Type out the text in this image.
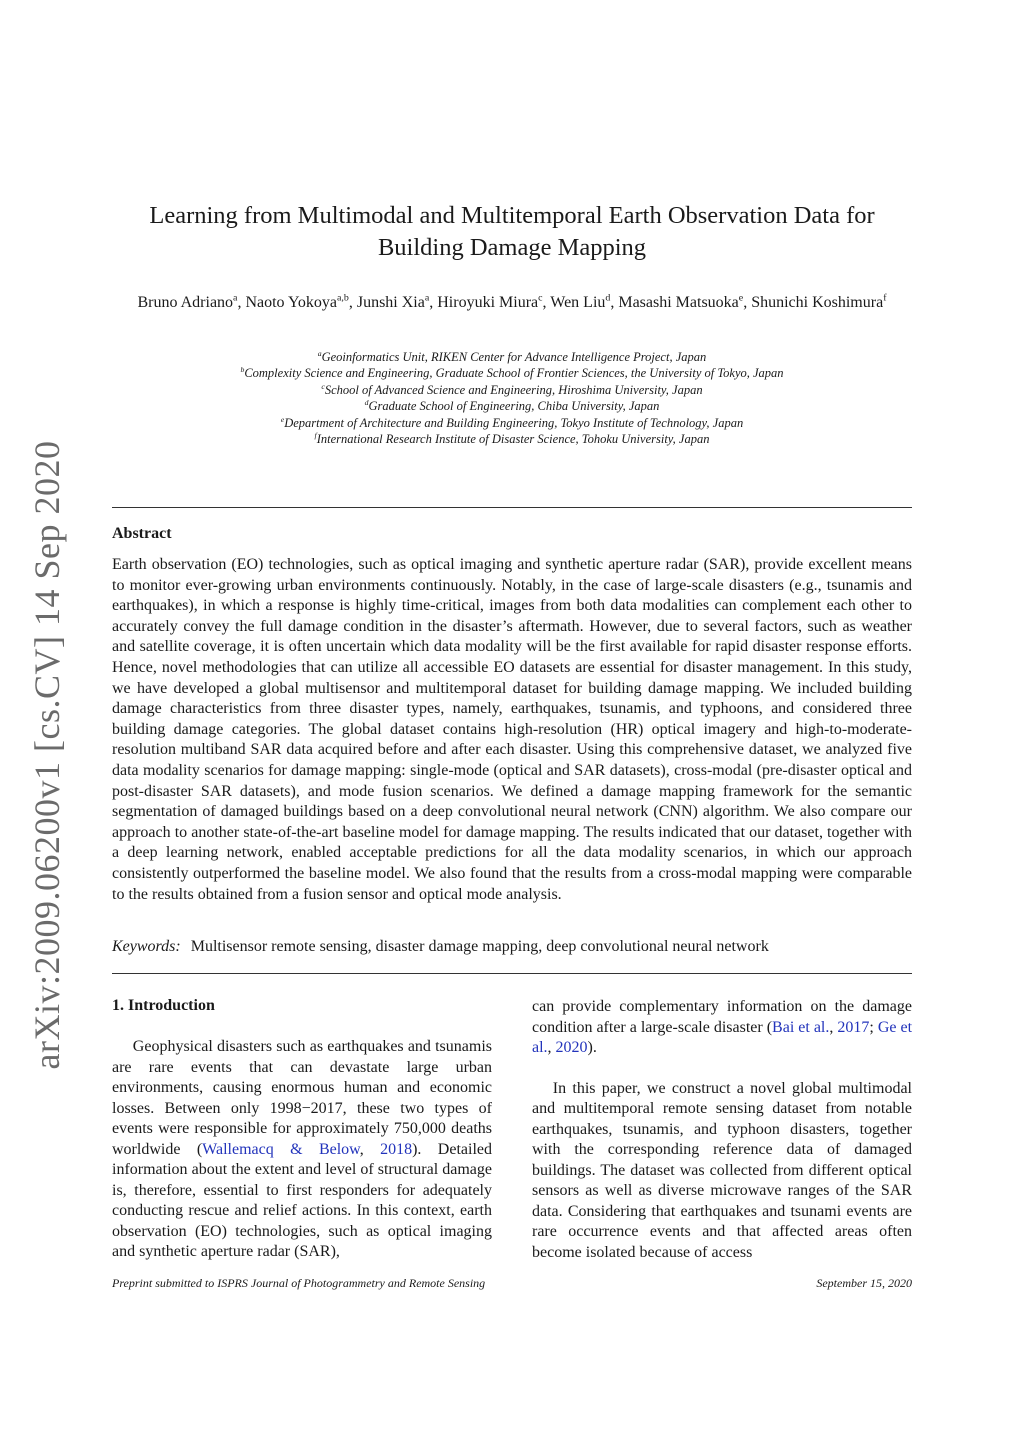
arXiv:2009.06200v1 [cs.CV] 14 Sep 2020
Learning from Multimodal and Multitemporal Earth Observation Data for Building Damage Mapping
Bruno Adriano$^a$, Naoto Yokoya$^{a,b}$, Junshi Xia$^a$, Hiroyuki Miura$^c$, Wen Liu$^d$, Masashi Matsuoka$^e$, Shunichi Koshimura$^f$
$^a$Geoinformatics Unit, RIKEN Center for Advance Intelligence Project, Japan
$^b$Complexity Science and Engineering, Graduate School of Frontier Sciences, the University of Tokyo, Japan
$^c$School of Advanced Science and Engineering, Hiroshima University, Japan
$^d$Graduate School of Engineering, Chiba University, Japan
$^e$Department of Architecture and Building Engineering, Tokyo Institute of Technology, Japan
$^f$International Research Institute of Disaster Science, Tohoku University, Japan
Abstract
Earth observation (EO) technologies, such as optical imaging and synthetic aperture radar (SAR), provide excellent means to monitor ever-growing urban environments continuously. Notably, in the case of large-scale disasters (e.g., tsunamis and earthquakes), in which a response is highly time-critical, images from both data modalities can complement each other to accurately convey the full damage condition in the disaster’s aftermath. However, due to several factors, such as weather and satellite coverage, it is often uncertain which data modality will be the first available for rapid disaster response efforts. Hence, novel methodologies that can utilize all accessible EO datasets are essential for disaster management. In this study, we have developed a global multisensor and multitemporal dataset for building damage mapping. We included building damage characteristics from three disaster types, namely, earthquakes, tsunamis, and typhoons, and considered three building damage categories. The global dataset contains high-resolution (HR) optical imagery and high-to-moderate-resolution multiband SAR data acquired before and after each disaster. Using this comprehensive dataset, we analyzed five data modality scenarios for damage mapping: single-mode (optical and SAR datasets), cross-modal (pre-disaster optical and post-disaster SAR datasets), and mode fusion scenarios. We defined a damage mapping framework for the semantic segmentation of damaged buildings based on a deep convolutional neural network (CNN) algorithm. We also compare our approach to another state-of-the-art baseline model for damage mapping. The results indicated that our dataset, together with a deep learning network, enabled acceptable predictions for all the data modality scenarios, in which our approach consistently outperformed the baseline model. We also found that the results from a cross-modal mapping were comparable to the results obtained from a fusion sensor and optical mode analysis.
Keywords: Multisensor remote sensing, disaster damage mapping, deep convolutional neural network
1. Introduction

Geophysical disasters such as earthquakes and tsunamis are rare events that can devastate large urban environments, causing enormous human and economic losses. Between only 1998−2017, these two types of events were responsible for approximately 750,000 deaths worldwide (Wallemacq & Below, 2018). Detailed information about the extent and level of structural damage is, therefore, essential to first responders for adequately conducting rescue and relief actions. In this context, earth observation (EO) technologies, such as optical imaging and synthetic aperture radar (SAR),

can provide complementary information on the damage condition after a large-scale disaster (Bai et al., 2017; Ge et al., 2020).

In this paper, we construct a novel global multimodal and multitemporal remote sensing dataset from notable earthquakes, tsunamis, and typhoon disasters, together with the corresponding reference data of damaged buildings. The dataset was collected from different optical sensors as well as diverse microwave ranges of the SAR data. Considering that earthquakes and tsunami events are rare occurrence events and that affected areas often become isolated because of access

Preprint submitted to ISPRS Journal of Photogrammetry and Remote Sensing	September 15, 2020
